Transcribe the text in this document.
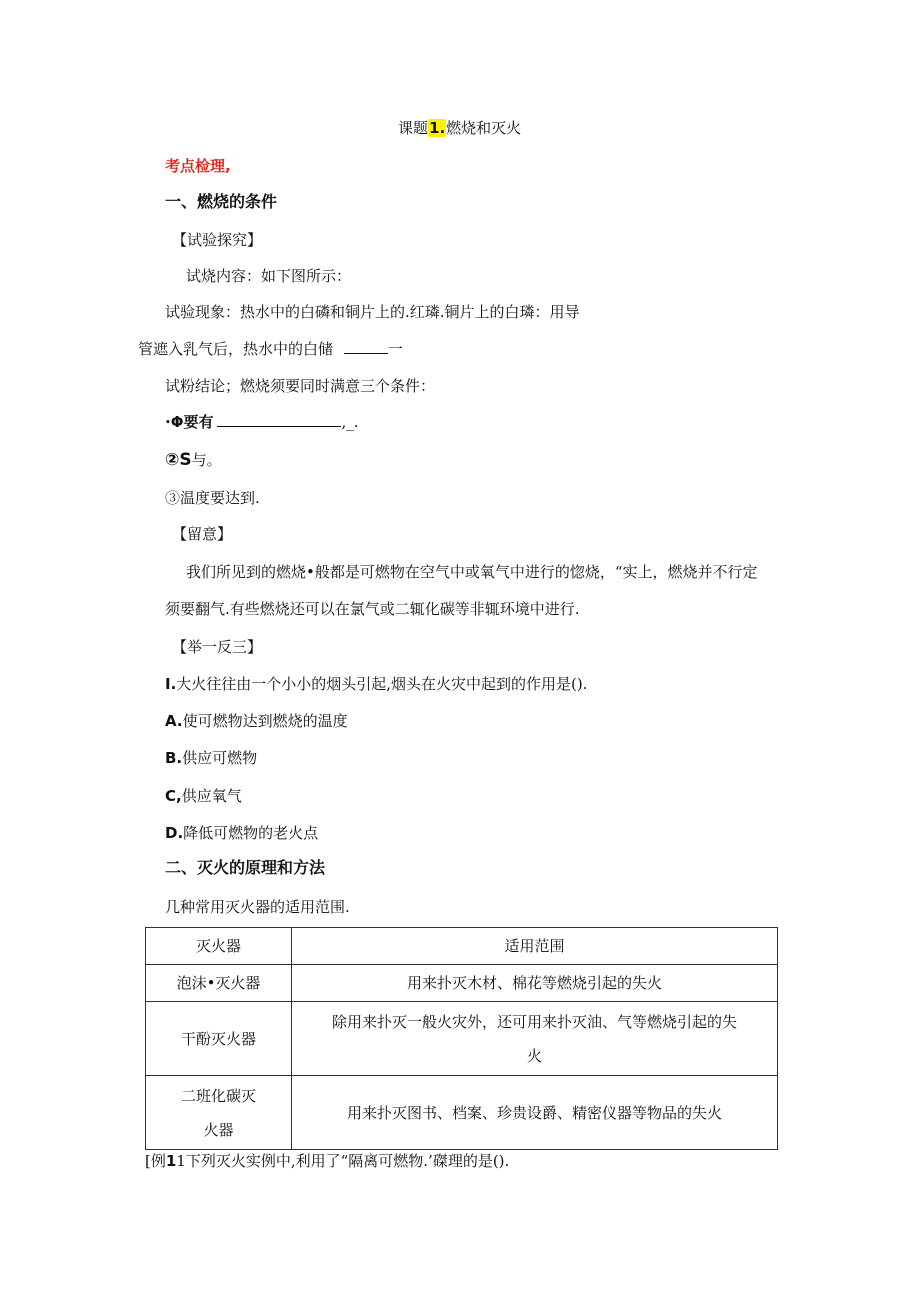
课题1.燃烧和灭火
考点检理,
一、燃烧的条件
【试验探究】
试烧内容：如下图所示：
试验现象：热水中的白磷和铜片上的.红璘.铜片上的白璘：用导
管遮入乳气后，热水中的白储	一
试粉结论；燃烧须要同时满意三个条件：
·Φ要有	,_.
②S与。
③温度要达到.
【留意】
我们所见到的燃烧•般都是可燃物在空气中或氧气中进行的惚烧，“实上，燃烧并不行定
须要翻气.有些燃烧还可以在氯气或二辄化碳等非辄环境中进行.
【举一反三】
I.大火往往由一个小小的烟头引起,烟头在火灾中起到的作用是().
A.使可燃物达到燃烧的温度
B.供应可燃物
C,供应氧气
D.降低可燃物的老火点
二、灭火的原理和方法
几种常用灭火器的适用范围.
灭火器	适用范围
泡沫•灭火器	用来扑灭木材、棉花等燃烧引起的失火
干酚灭火器	除用来扑灭一般火灾外，还可用来扑灭油、气等燃烧引起的失
火

二班化碳灭
火器	用来扑灭图书、档案、珍贵设爵、精密仪器等物品的失火
[例11下列灭火实例中,利用了“隔离可燃物.’磔理的是().
